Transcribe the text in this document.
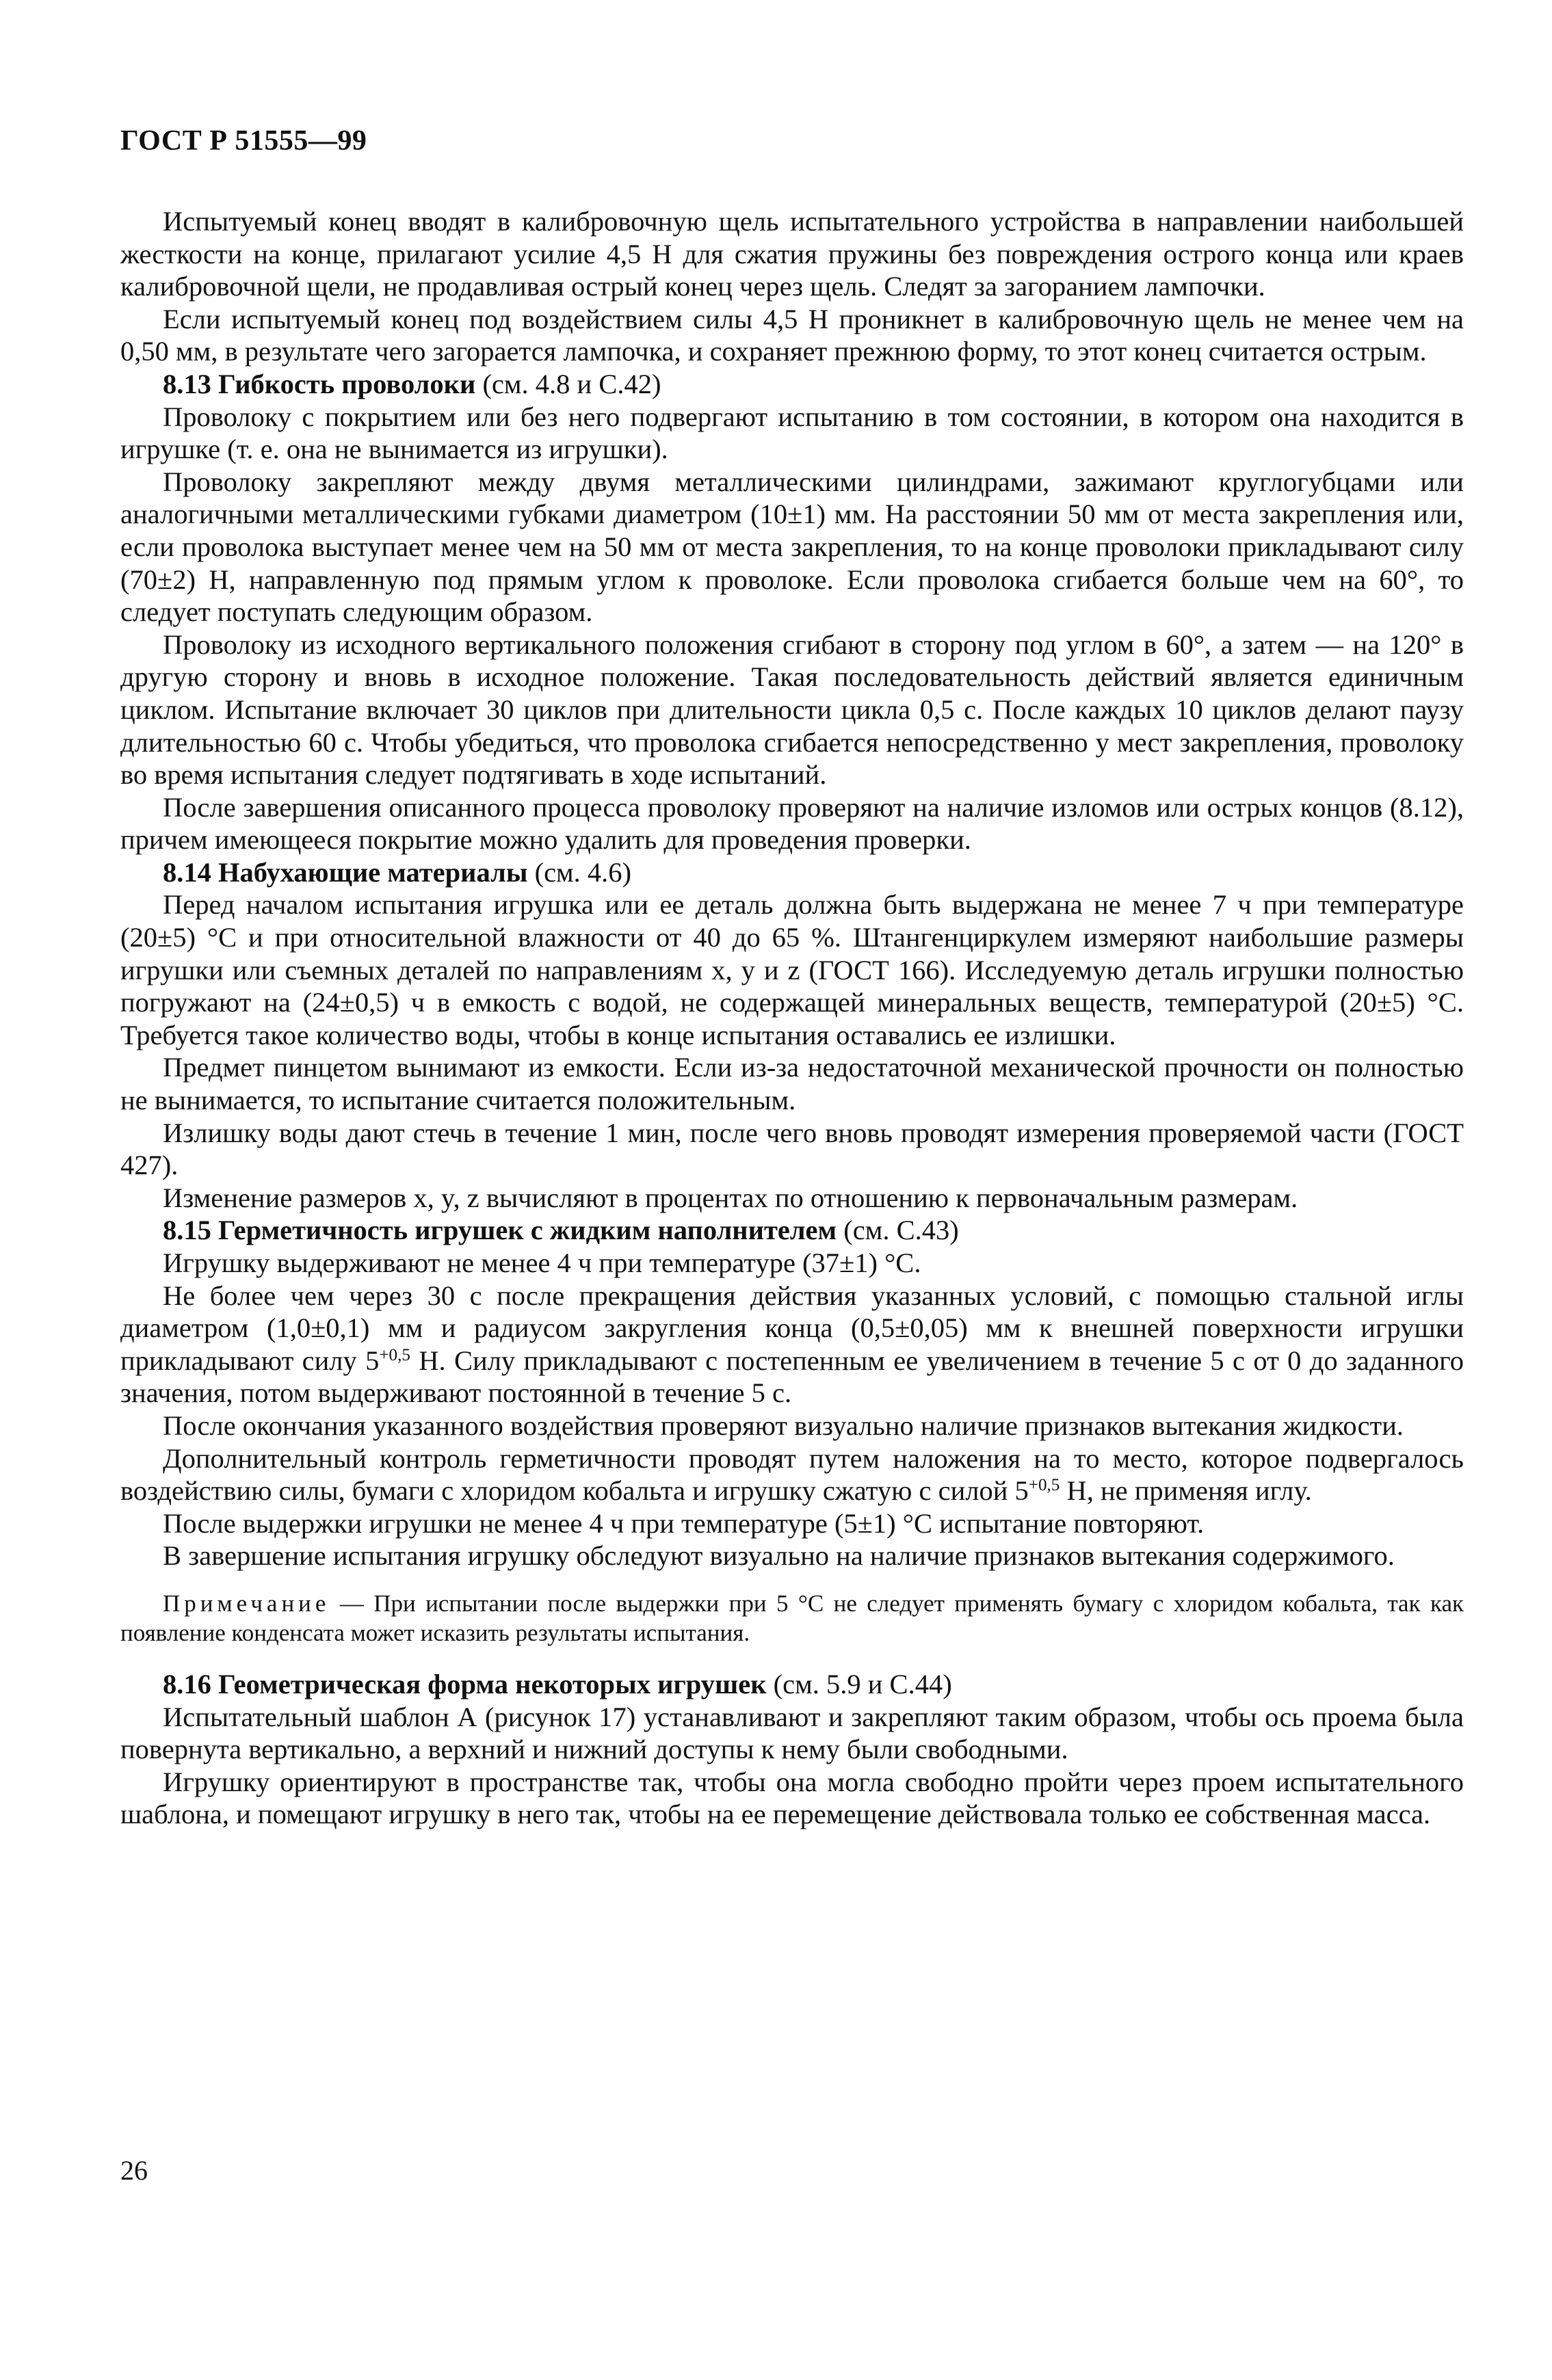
ГОСТ Р 51555—99

Испытуемый конец вводят в калибровочную щель испытательного устройства в направлении наибольшей жесткости на конце, прилагают усилие 4,5 Н для сжатия пружины без повреждения острого конца или краев калибровочной щели, не продавливая острый конец через щель. Следят за загоранием лампочки.

Если испытуемый конец под воздействием силы 4,5 Н проникнет в калибровочную щель не менее чем на 0,50 мм, в результате чего загорается лампочка, и сохраняет прежнюю форму, то этот конец считается острым.

8.13 Гибкость проволоки (см. 4.8 и С.42)

Проволоку с покрытием или без него подвергают испытанию в том состоянии, в котором она находится в игрушке (т. е. она не вынимается из игрушки).

Проволоку закрепляют между двумя металлическими цилиндрами, зажимают круглогубцами или аналогичными металлическими губками диаметром (10±1) мм. На расстоянии 50 мм от места закрепления или, если проволока выступает менее чем на 50 мм от места закрепления, то на конце проволоки прикладывают силу (70±2) Н, направленную под прямым углом к проволоке. Если проволока сгибается больше чем на 60°, то следует поступать следующим образом.

Проволоку из исходного вертикального положения сгибают в сторону под углом в 60°, а затем — на 120° в другую сторону и вновь в исходное положение. Такая последовательность действий является единичным циклом. Испытание включает 30 циклов при длительности цикла 0,5 с. После каждых 10 циклов делают паузу длительностью 60 с. Чтобы убедиться, что проволока сгибается непосредственно у мест закрепления, проволоку во время испытания следует подтягивать в ходе испытаний.

После завершения описанного процесса проволоку проверяют на наличие изломов или острых концов (8.12), причем имеющееся покрытие можно удалить для проведения проверки.

8.14 Набухающие материалы (см. 4.6)

Перед началом испытания игрушка или ее деталь должна быть выдержана не менее 7 ч при температуре (20±5) °С и при относительной влажности от 40 до 65 %. Штангенциркулем измеряют наибольшие размеры игрушки или съемных деталей по направлениям x, y и z (ГОСТ 166). Исследуемую деталь игрушки полностью погружают на (24±0,5) ч в емкость с водой, не содержащей минеральных веществ, температурой (20±5) °С. Требуется такое количество воды, чтобы в конце испытания оставались ее излишки.

Предмет пинцетом вынимают из емкости. Если из-за недостаточной механической прочности он полностью не вынимается, то испытание считается положительным.

Излишку воды дают стечь в течение 1 мин, после чего вновь проводят измерения проверяемой части (ГОСТ 427).

Изменение размеров x, y, z вычисляют в процентах по отношению к первоначальным размерам.

8.15 Герметичность игрушек с жидким наполнителем (см. С.43)

Игрушку выдерживают не менее 4 ч при температуре (37±1) °С.

Не более чем через 30 с после прекращения действия указанных условий, с помощью стальной иглы диаметром (1,0±0,1) мм и радиусом закругления конца (0,5±0,05) мм к внешней поверхности игрушки прикладывают силу $5^{+0,5}$ Н. Силу прикладывают с постепенным ее увеличением в течение 5 с от 0 до заданного значения, потом выдерживают постоянной в течение 5 с.

После окончания указанного воздействия проверяют визуально наличие признаков вытекания жидкости.

Дополнительный контроль герметичности проводят путем наложения на то место, которое подвергалось воздействию силы, бумаги с хлоридом кобальта и игрушку сжатую с силой $5^{+0,5}$ Н, не применяя иглу.

После выдержки игрушки не менее 4 ч при температуре (5±1) °С испытание повторяют.

В завершение испытания игрушку обследуют визуально на наличие признаков вытекания содержимого.

Примечание — При испытании после выдержки при 5 °С не следует применять бумагу с хлоридом кобальта, так как появление конденсата может исказить результаты испытания.

8.16 Геометрическая форма некоторых игрушек (см. 5.9 и С.44)

Испытательный шаблон А (рисунок 17) устанавливают и закрепляют таким образом, чтобы ось проема была повернута вертикально, а верхний и нижний доступы к нему были свободными.

Игрушку ориентируют в пространстве так, чтобы она могла свободно пройти через проем испытательного шаблона, и помещают игрушку в него так, чтобы на ее перемещение действовала только ее собственная масса.

26
